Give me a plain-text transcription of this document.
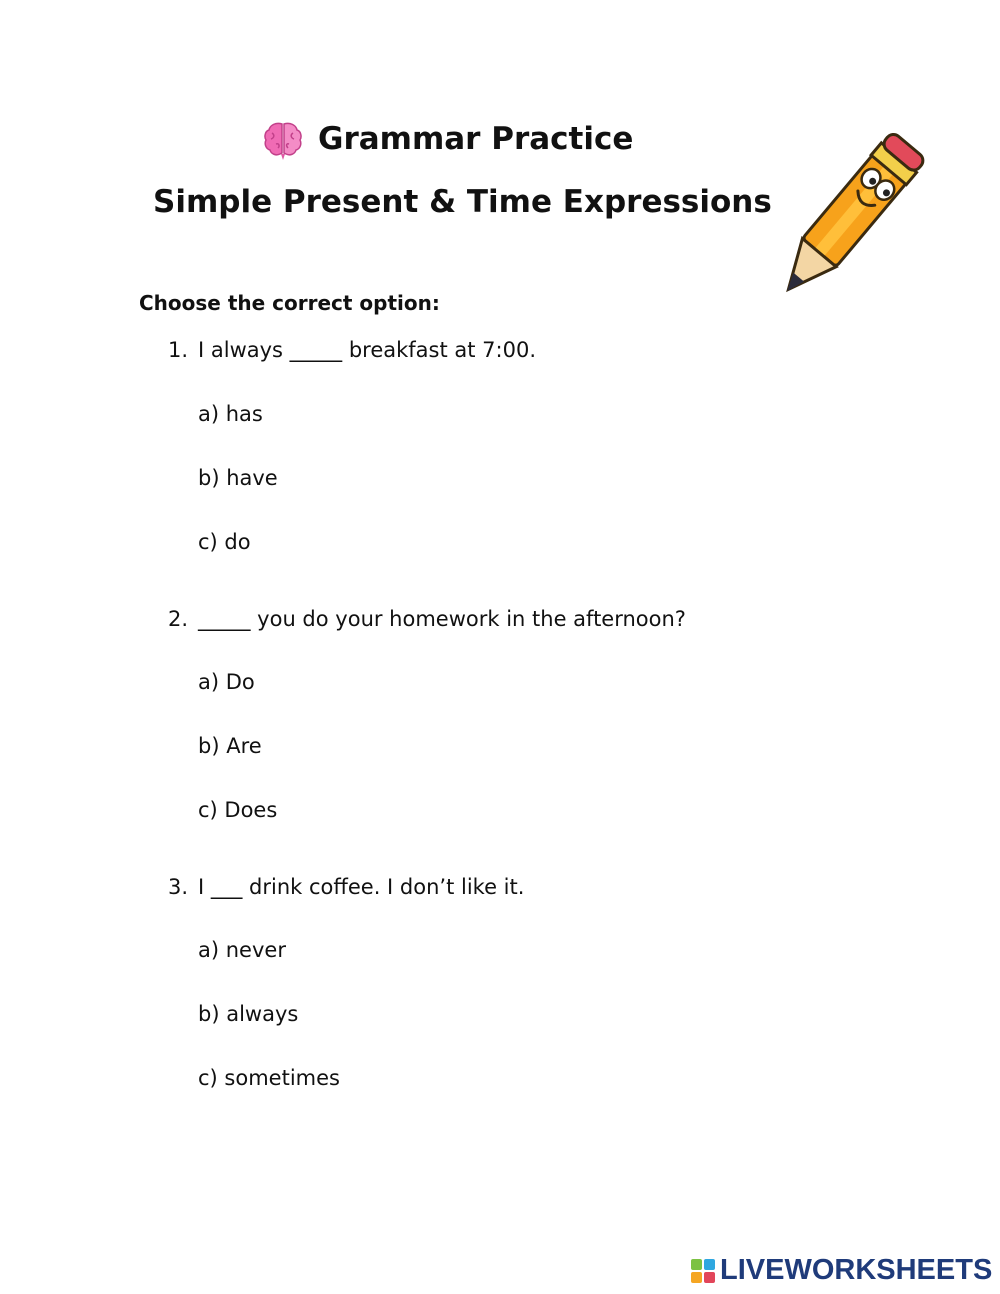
Grammar Practice
Simple Present & Time Expressions
Choose the correct option:
1. I always _____ breakfast at 7:00.
a) has
b) have
c) do
2. _____ you do your homework in the afternoon?
a) Do
b) Are
c) Does
3. I ___ drink coffee. I don’t like it.
a) never
b) always
c) sometimes
LIVEWORKSHEETS
